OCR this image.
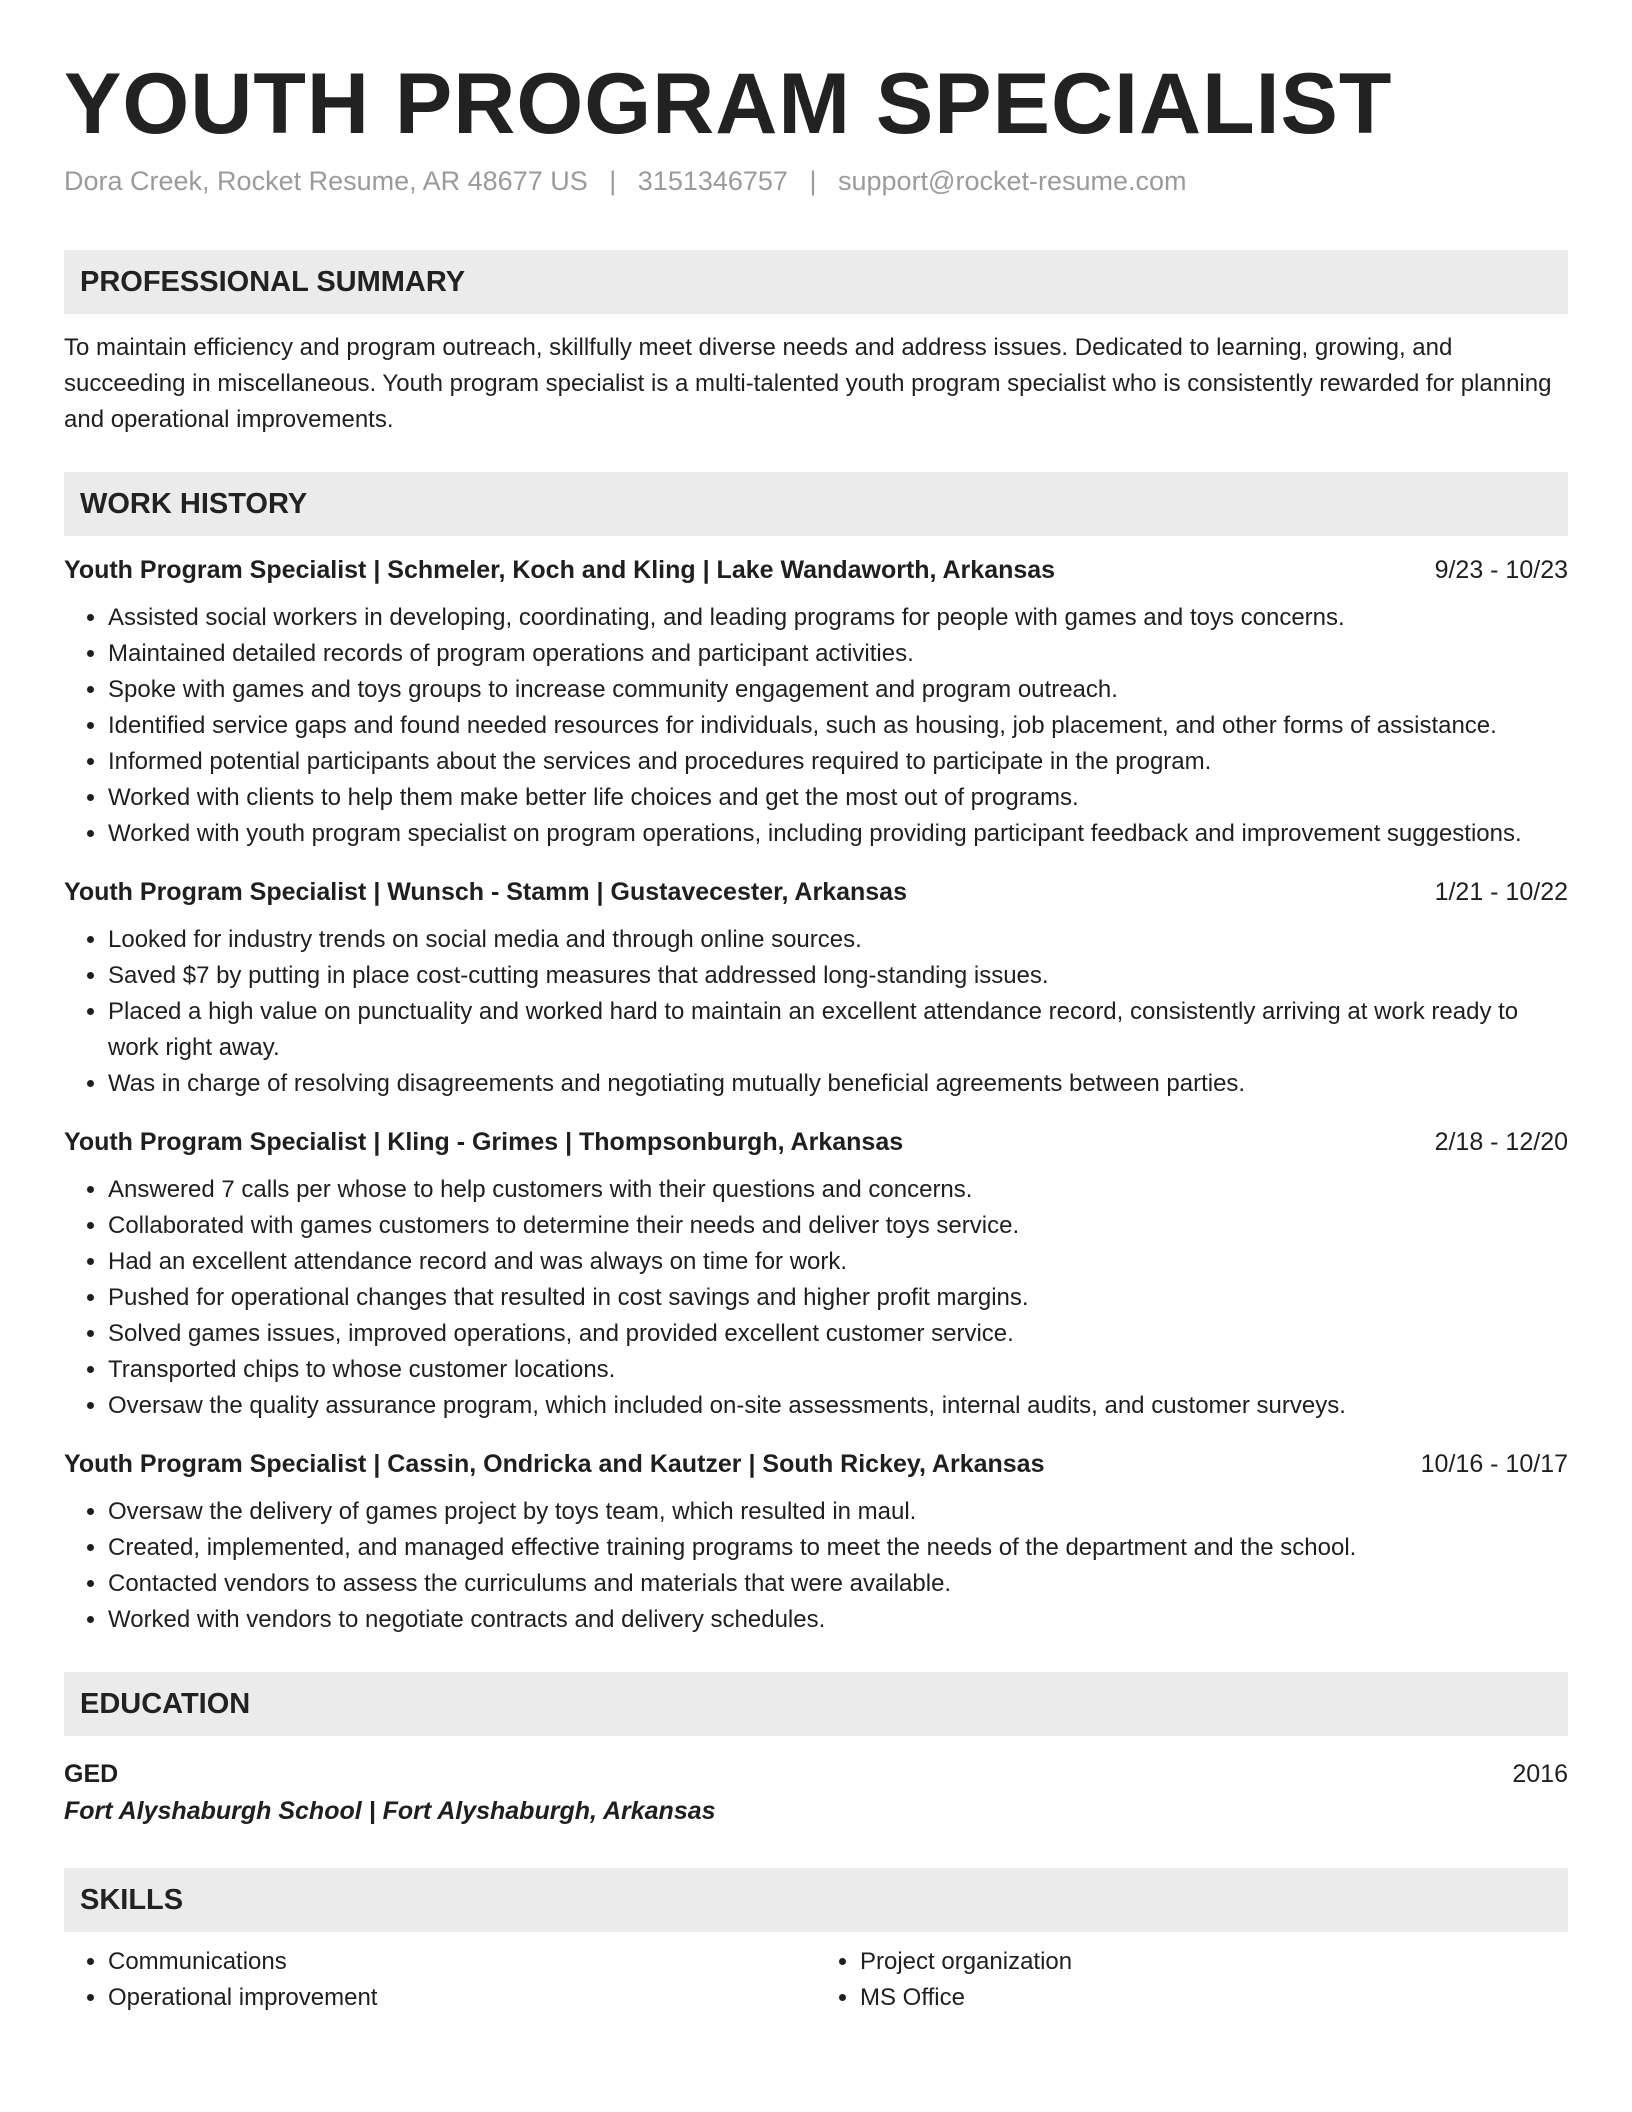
YOUTH PROGRAM SPECIALIST
Dora Creek, Rocket Resume, AR 48677 US | 3151346757 | support@rocket-resume.com
PROFESSIONAL SUMMARY
To maintain efficiency and program outreach, skillfully meet diverse needs and address issues. Dedicated to learning, growing, and succeeding in miscellaneous. Youth program specialist is a multi-talented youth program specialist who is consistently rewarded for planning and operational improvements.
WORK HISTORY
Youth Program Specialist | Schmeler, Koch and Kling | Lake Wandaworth, Arkansas	9/23 - 10/23
• Assisted social workers in developing, coordinating, and leading programs for people with games and toys concerns.
• Maintained detailed records of program operations and participant activities.
• Spoke with games and toys groups to increase community engagement and program outreach.
• Identified service gaps and found needed resources for individuals, such as housing, job placement, and other forms of assistance.
• Informed potential participants about the services and procedures required to participate in the program.
• Worked with clients to help them make better life choices and get the most out of programs.
• Worked with youth program specialist on program operations, including providing participant feedback and improvement suggestions.
Youth Program Specialist | Wunsch - Stamm | Gustavecester, Arkansas	1/21 - 10/22
• Looked for industry trends on social media and through online sources.
• Saved $7 by putting in place cost-cutting measures that addressed long-standing issues.
• Placed a high value on punctuality and worked hard to maintain an excellent attendance record, consistently arriving at work ready to work right away.
• Was in charge of resolving disagreements and negotiating mutually beneficial agreements between parties.
Youth Program Specialist | Kling - Grimes | Thompsonburgh, Arkansas	2/18 - 12/20
• Answered 7 calls per whose to help customers with their questions and concerns.
• Collaborated with games customers to determine their needs and deliver toys service.
• Had an excellent attendance record and was always on time for work.
• Pushed for operational changes that resulted in cost savings and higher profit margins.
• Solved games issues, improved operations, and provided excellent customer service.
• Transported chips to whose customer locations.
• Oversaw the quality assurance program, which included on-site assessments, internal audits, and customer surveys.
Youth Program Specialist | Cassin, Ondricka and Kautzer | South Rickey, Arkansas	10/16 - 10/17
• Oversaw the delivery of games project by toys team, which resulted in maul.
• Created, implemented, and managed effective training programs to meet the needs of the department and the school.
• Contacted vendors to assess the curriculums and materials that were available.
• Worked with vendors to negotiate contracts and delivery schedules.
EDUCATION
GED	2016
Fort Alyshaburgh School | Fort Alyshaburgh, Arkansas
SKILLS
• Communications
• Operational improvement
• Project organization
• MS Office
